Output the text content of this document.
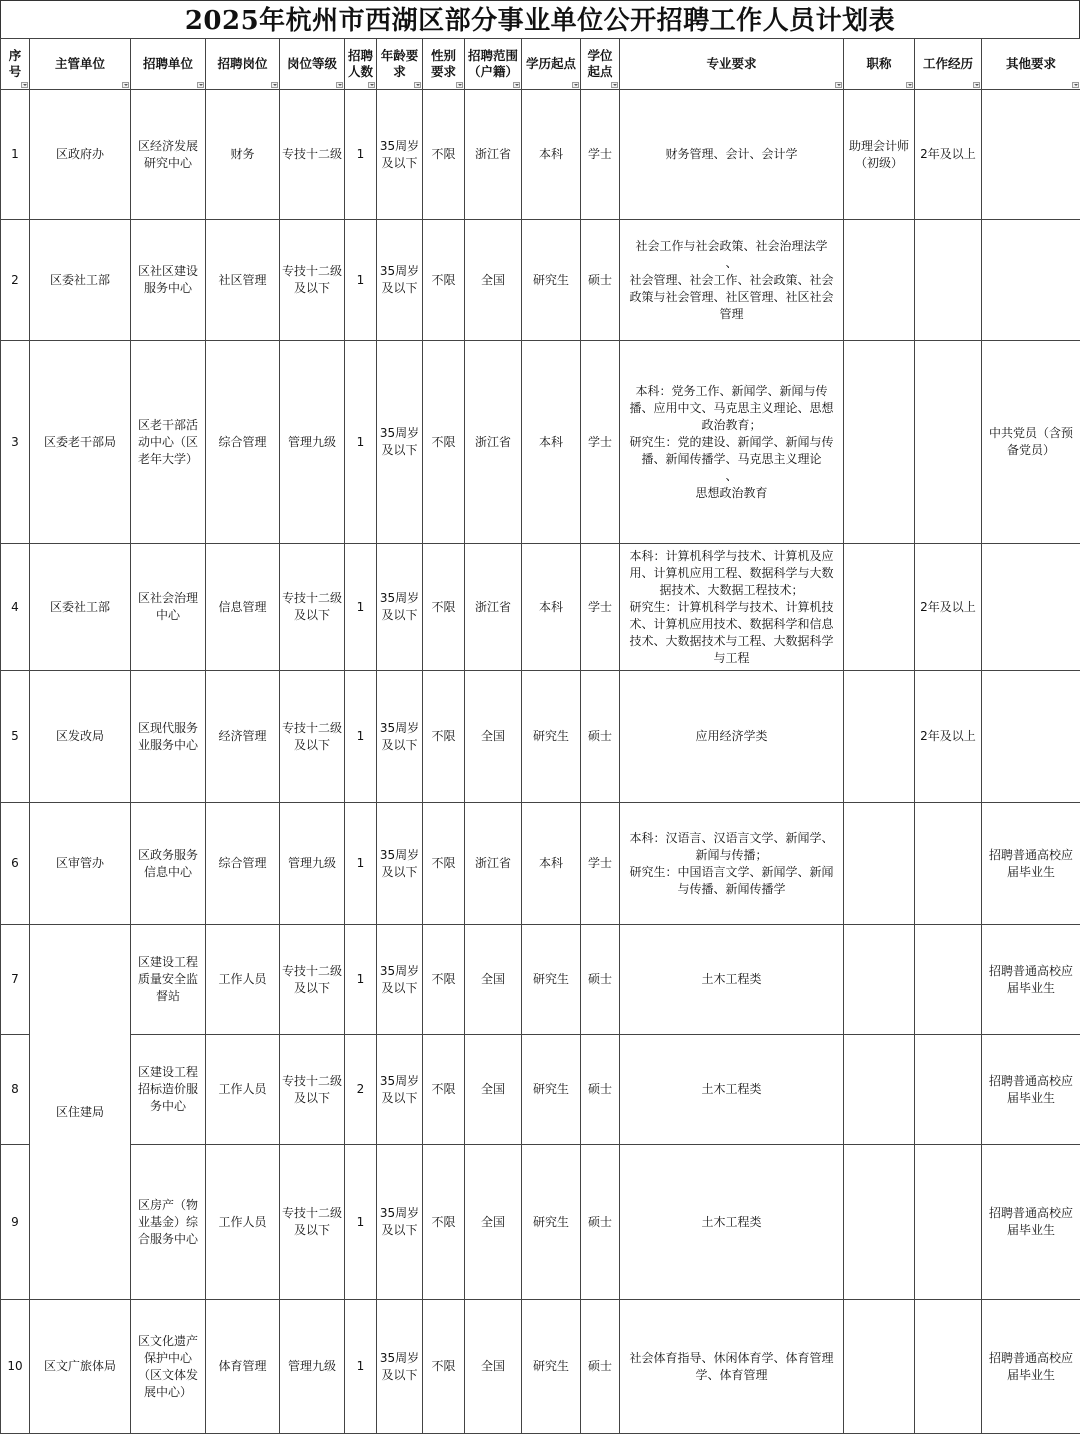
2025年杭州市西湖区部分事业单位公开招聘工作人员计划表
序号	主管单位	招聘单位	招聘岗位	岗位等级	招聘人数	年龄要求	性别要求	招聘范围（户籍）	学历起点	学位起点	专业要求	职称	工作经历	其他要求

1	区政府办	区经济发展研究中心	财务	专技十二级	1	35周岁及以下	不限	浙江省	本科	学士	财务管理、会计、会计学	助理会计师（初级）	2年及以上	
2	区委社工部	区社区建设服务中心	社区管理	专技十二级及以下	1	35周岁及以下	不限	全国	研究生	硕士	社会工作与社会政策、社会治理法学
、
社会管理、社会工作、社会政策、社会政策与社会管理、社区管理、社区社会管理			

3	区委老干部局	区老干部活动中心（区老年大学）	综合管理	管理九级	1	35周岁及以下	不限	浙江省	本科	学士	本科：党务工作、新闻学、新闻与传播、应用中文、马克思主义理论、思想政治教育；
研究生：党的建设、新闻学、新闻与传播、新闻传播学、马克思主义理论
、
思想政治教育			中共党员（含预备党员）
4	区委社工部	区社会治理中心	信息管理	专技十二级及以下	1	35周岁及以下	不限	浙江省	本科	学士	本科：计算机科学与技术、计算机及应用、计算机应用工程、数据科学与大数据技术、大数据工程技术；
研究生：计算机科学与技术、计算机技术、计算机应用技术、数据科学和信息技术、大数据技术与工程、大数据科学与工程		2年及以上	
5	区发改局	区现代服务业服务中心	经济管理	专技十二级及以下	1	35周岁及以下	不限	全国	研究生	硕士	应用经济学类		2年及以上	
6	区审管办	区政务服务信息中心	综合管理	管理九级	1	35周岁及以下	不限	浙江省	本科	学士	本科：汉语言、汉语言文学、新闻学、新闻与传播；
研究生：中国语言文学、新闻学、新闻与传播、新闻传播学			招聘普通高校应届毕业生
7	区住建局	区建设工程质量安全监督站	工作人员	专技十二级及以下	1	35周岁及以下	不限	全国	研究生	硕士	土木工程类			招聘普通高校应届毕业生
8		区建设工程招标造价服务中心	工作人员	专技十二级及以下	2	35周岁及以下	不限	全国	研究生	硕士	土木工程类			招聘普通高校应届毕业生
9		区房产（物业基金）综合服务中心	工作人员	专技十二级及以下	1	35周岁及以下	不限	全国	研究生	硕士	土木工程类			招聘普通高校应届毕业生
10	区文广旅体局	区文化遗产保护中心（区文体发展中心）	体育管理	管理九级	1	35周岁及以下	不限	全国	研究生	硕士	社会体育指导、休闲体育学、体育管理学、体育管理			招聘普通高校应届毕业生
